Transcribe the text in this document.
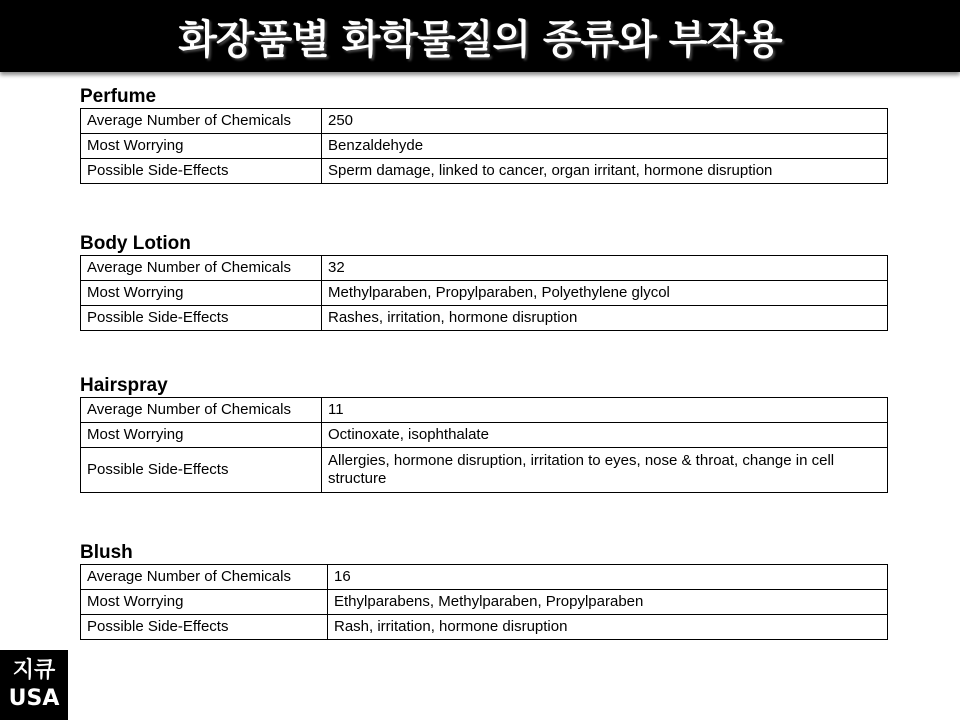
화장품별 화학물질의 종류와 부작용
Perfume
Average Number of Chemicals	250
Most Worrying	Benzaldehyde
Possible Side-Effects	Sperm damage, linked to cancer, organ irritant, hormone disruption
Body Lotion
Average Number of Chemicals	32
Most Worrying	Methylparaben, Propylparaben, Polyethylene glycol
Possible Side-Effects	Rashes, irritation, hormone disruption
Hairspray
Average Number of Chemicals	11
Most Worrying	Octinoxate, isophthalate
Possible Side-Effects	Allergies, hormone disruption, irritation to eyes, nose & throat, change in cell structure
Blush
Average Number of Chemicals	16
Most Worrying	Ethylparabens, Methylparaben, Propylparaben
Possible Side-Effects	Rash, irritation, hormone disruption
지큐
USA
